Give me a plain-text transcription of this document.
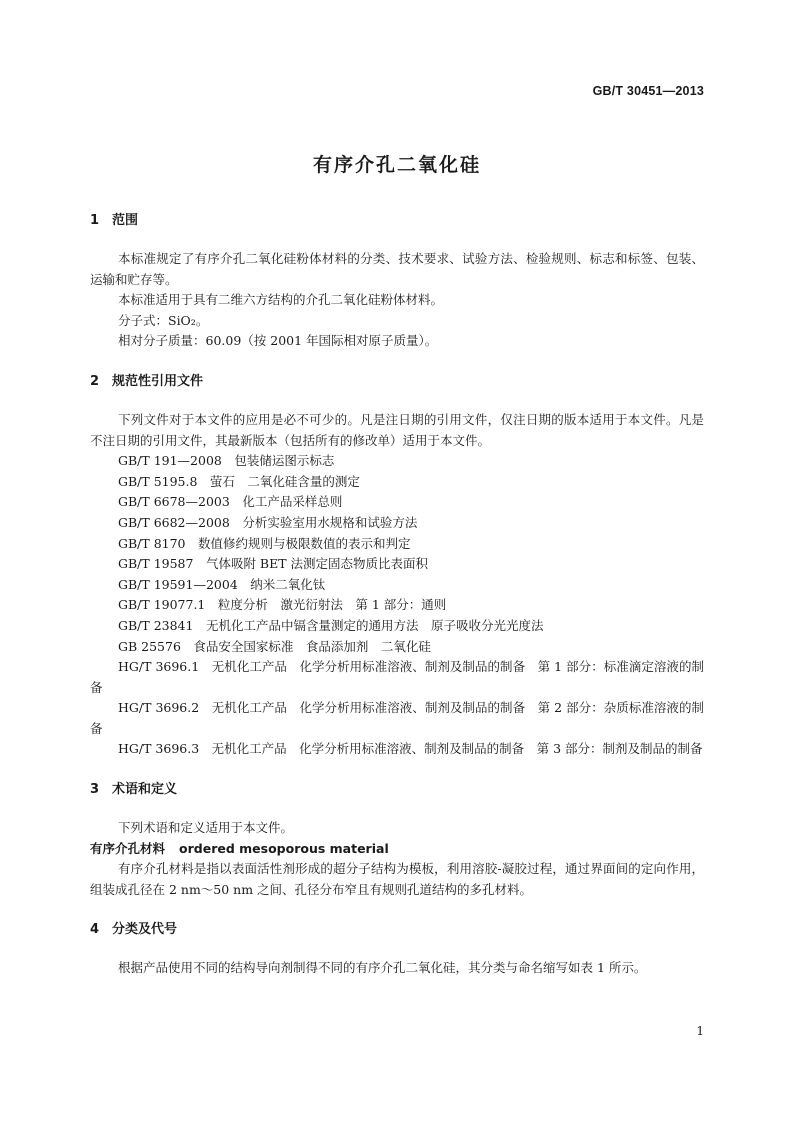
GB/T 30451—2013
有序介孔二氧化硅
1 范围

本标准规定了有序介孔二氧化硅粉体材料的分类、技术要求、试验方法、检验规则、标志和标签、包装、运输和贮存等。

本标准适用于具有二维六方结构的介孔二氧化硅粉体材料。

分子式：SiO₂。

相对分子质量：60.09（按 2001 年国际相对原子质量）。

2 规范性引用文件

下列文件对于本文件的应用是必不可少的。凡是注日期的引用文件，仅注日期的版本适用于本文件。凡是不注日期的引用文件，其最新版本（包括所有的修改单）适用于本文件。

GB/T 191—2008　包装储运图示标志

GB/T 5195.8　萤石　二氧化硅含量的测定

GB/T 6678—2003　化工产品采样总则

GB/T 6682—2008　分析实验室用水规格和试验方法

GB/T 8170　数值修约规则与极限数值的表示和判定

GB/T 19587　气体吸附 BET 法测定固态物质比表面积

GB/T 19591—2004　纳米二氧化钛

GB/T 19077.1　粒度分析　激光衍射法　第 1 部分：通则

GB/T 23841　无机化工产品中镉含量测定的通用方法　原子吸收分光光度法

GB 25576　食品安全国家标准　食品添加剂　二氧化硅

HG/T 3696.1　无机化工产品　化学分析用标准溶液、制剂及制品的制备　第 1 部分：标准滴定溶液的制备

HG/T 3696.2　无机化工产品　化学分析用标准溶液、制剂及制品的制备　第 2 部分：杂质标准溶液的制备

HG/T 3696.3　无机化工产品　化学分析用标准溶液、制剂及制品的制备　第 3 部分：制剂及制品的制备

3 术语和定义

下列术语和定义适用于本文件。

有序介孔材料 ordered mesoporous material

有序介孔材料是指以表面活性剂形成的超分子结构为模板，利用溶胶-凝胶过程，通过界面间的定向作用，组装成孔径在 2 nm～50 nm 之间、孔径分布窄且有规则孔道结构的多孔材料。

4 分类及代号

根据产品使用不同的结构导向剂制得不同的有序介孔二氧化硅，其分类与命名缩写如表 1 所示。

1
